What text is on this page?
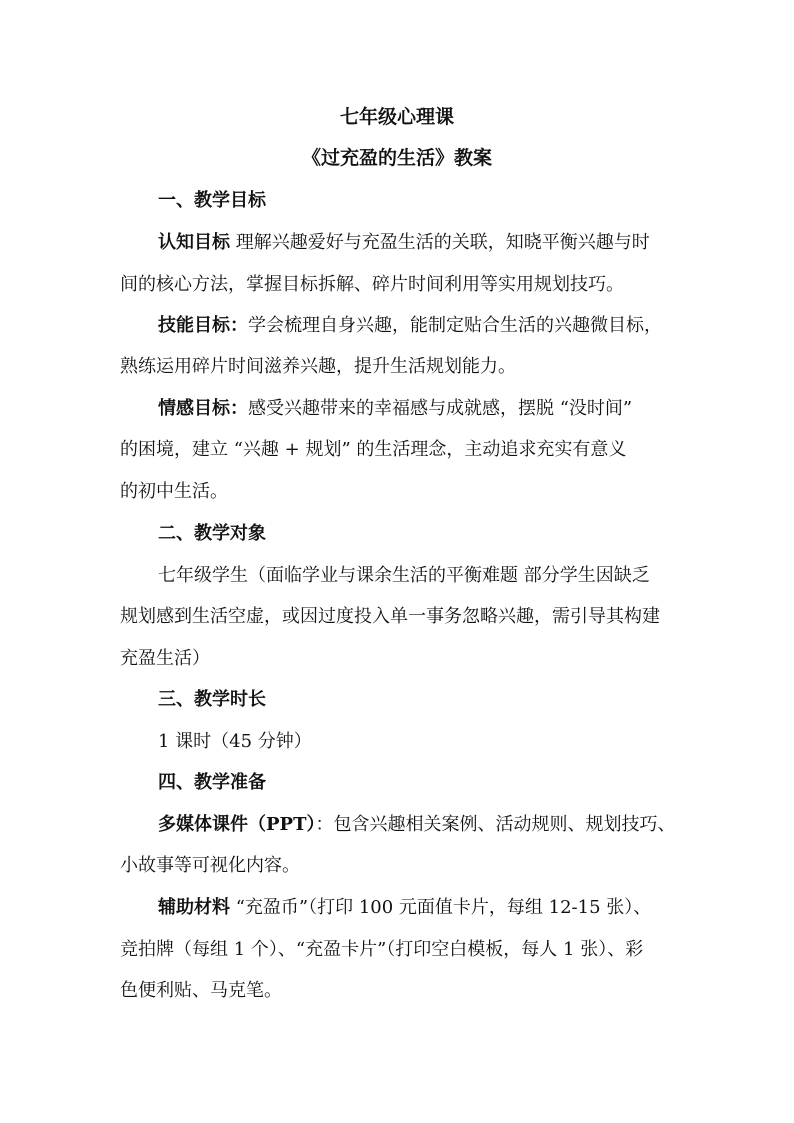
七年级心理课
《过充盈的生活》教案
一、教学目标
认知目标 理解兴趣爱好与充盈生活的关联，知晓平衡兴趣与时
间的核心方法，掌握目标拆解、碎片时间利用等实用规划技巧。
技能目标：学会梳理自身兴趣，能制定贴合生活的兴趣微目标，
熟练运用碎片时间滋养兴趣，提升生活规划能力。
情感目标：感受兴趣带来的幸福感与成就感，摆脱 “没时间”
的困境，建立 “兴趣 + 规划” 的生活理念，主动追求充实有意义
的初中生活。
二、教学对象
七年级学生（面临学业与课余生活的平衡难题 部分学生因缺乏
规划感到生活空虚，或因过度投入单一事务忽略兴趣，需引导其构建
充盈生活）
三、教学时长
1 课时（45 分钟）
四、教学准备
多媒体课件（PPT）：包含兴趣相关案例、活动规则、规划技巧、
小故事等可视化内容。
辅助材料 “充盈币”（打印 100 元面值卡片，每组 12-15 张）、
竞拍牌（每组 1 个）、“充盈卡片”（打印空白模板，每人 1 张）、彩
色便利贴、马克笔。
